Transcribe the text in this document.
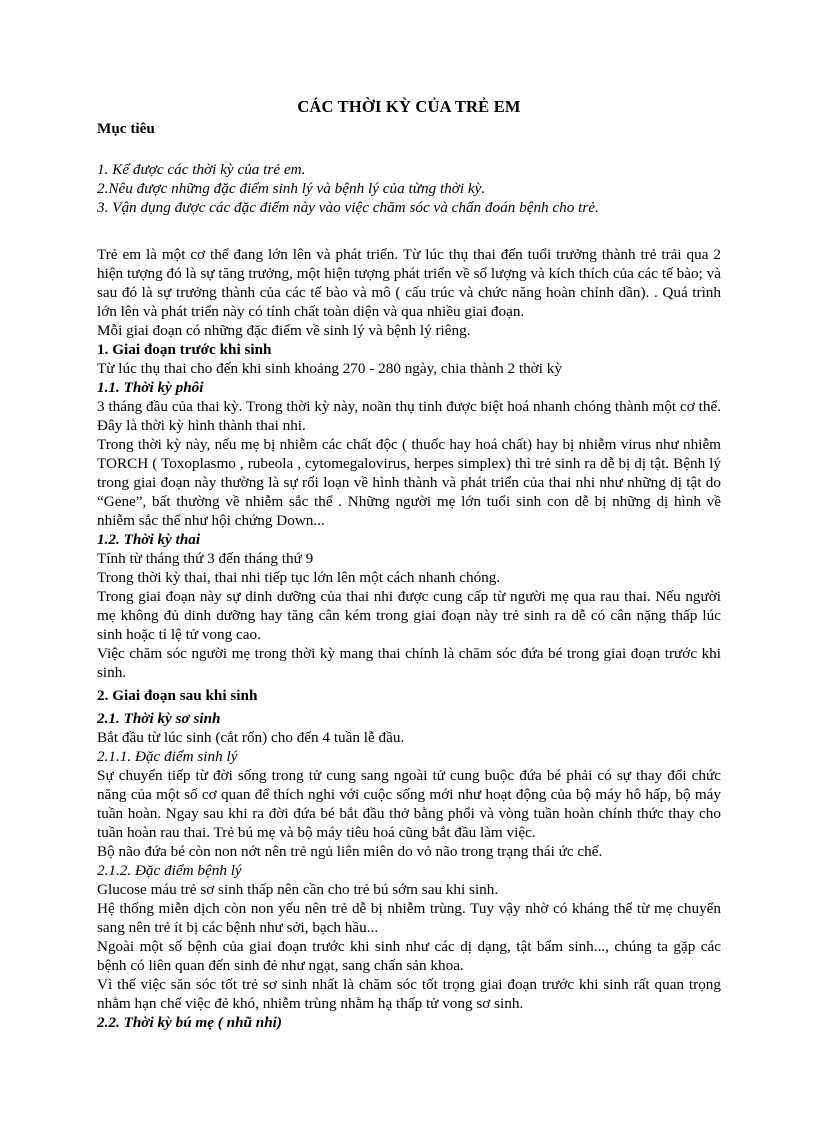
CÁC THỜI KỲ CỦA TRẺ EM
Mục tiêu

1. Kể được các thời kỳ của trẻ em.

2.Nêu được những đặc điểm sinh lý và bệnh lý của từng thời kỳ.

3. Vận dụng được các đặc điểm này vào việc chăm sóc và chẩn đoán bệnh cho trẻ.

Trẻ em là một cơ thể đang lớn lên và phát triển. Từ lúc thụ thai đến tuổi trưởng thành trẻ trải qua 2 hiện tượng đó là sự tăng trưởng, một hiện tượng phát triển về số lượng và kích thích của các tế bào; và sau đó là sự trưởng thành của các tế bào và mô ( cấu trúc và chức năng hoàn chỉnh dần). . Quá trình lớn lên và phát triển này có tính chất toàn diện và qua nhiều giai đoạn.

Mỗi giai đoạn có những đặc điểm về sinh lý và bệnh lý riêng.

1. Giai đoạn trước khi sinh

Từ lúc thụ thai cho đến khi sinh khoảng 270 - 280 ngày, chia thành 2 thời kỳ

1.1. Thời kỳ phôi

3 tháng đầu của thai kỳ. Trong thời kỳ này, noãn thụ tinh được biệt hoá nhanh chóng thành một cơ thể. Đây là thời kỳ hình thành thai nhi.

Trong thời kỳ này, nếu mẹ bị nhiễm các chất độc ( thuốc hay hoá chất) hay bị nhiễm virus như nhiễm TORCH ( Toxoplasmo , rubeola , cytomegalovirus, herpes simplex) thì trẻ sinh ra dễ bị dị tật. Bệnh lý trong giai đoạn này thường là sự rối loạn về hình thành và phát triển của thai nhi như những dị tật do “Gene”, bất thường về nhiễm sắc thể . Những người mẹ lớn tuổi sinh con dễ bị những dị hình về nhiễm sắc thể như hội chứng Down...

1.2. Thời kỳ thai

Tính từ tháng thứ 3 đến tháng thứ 9

Trong thời kỳ thai, thai nhi tiếp tục lớn lên một cách nhanh chóng.

Trong giai đoạn này sự dinh dưỡng của thai nhi được cung cấp từ người mẹ qua rau thai. Nếu người mẹ không đủ dinh dưỡng hay tăng cân kém trong giai đoạn này trẻ sinh ra dễ có cân nặng thấp lúc sinh hoặc tỉ lệ tử vong cao.

Việc chăm sóc người mẹ trong thời kỳ mang thai chính là chăm sóc đứa bé trong giai đoạn trước khi sinh.

2. Giai đoạn sau khi sinh
2.1. Thời kỳ sơ sinh

Bắt đầu từ lúc sinh (cắt rốn) cho đến 4 tuần lễ đầu.

2.1.1. Đặc điểm sinh lý

Sự chuyển tiếp từ đời sống trong tử cung sang ngoài tử cung buộc đứa bé phải có sự thay đổi chức năng của một số cơ quan để thích nghi với cuộc sống mới như hoạt động của bộ máy hô hấp, bộ máy tuần hoàn. Ngay sau khi ra đời đứa bé bắt đầu thở bằng phổi và vòng tuần hoàn chính thức thay cho tuần hoàn rau thai. Trẻ bú mẹ và bộ máy tiêu hoá cũng bắt đầu làm việc.

Bộ não đứa bé còn non nớt nên trẻ ngủ liên miên do vỏ não trong trạng thái ức chế.

2.1.2. Đặc điểm bệnh lý

Glucose máu trẻ sơ sinh thấp nên cần cho trẻ bú sớm sau khi sinh.

Hệ thống miễn dịch còn non yếu nên trẻ dễ bị nhiễm trùng. Tuy vậy nhờ có kháng thể từ mẹ chuyển sang nên trẻ ít bị các bệnh như sởi, bạch hầu...

Ngoài một số bệnh của giai đoạn trước khi sinh như các dị dạng, tật bẩm sinh..., chúng ta gặp các bệnh có liên quan đến sinh đẻ như ngạt, sang chấn sản khoa.

Vì thế việc săn sóc tốt trẻ sơ sinh nhất là chăm sóc tốt trọng giai đoạn trước khi sinh rất quan trọng nhằm hạn chế việc đẻ khó, nhiễm trùng nhằm hạ thấp tử vong sơ sinh.

2.2. Thời kỳ bú mẹ ( nhũ nhi)
